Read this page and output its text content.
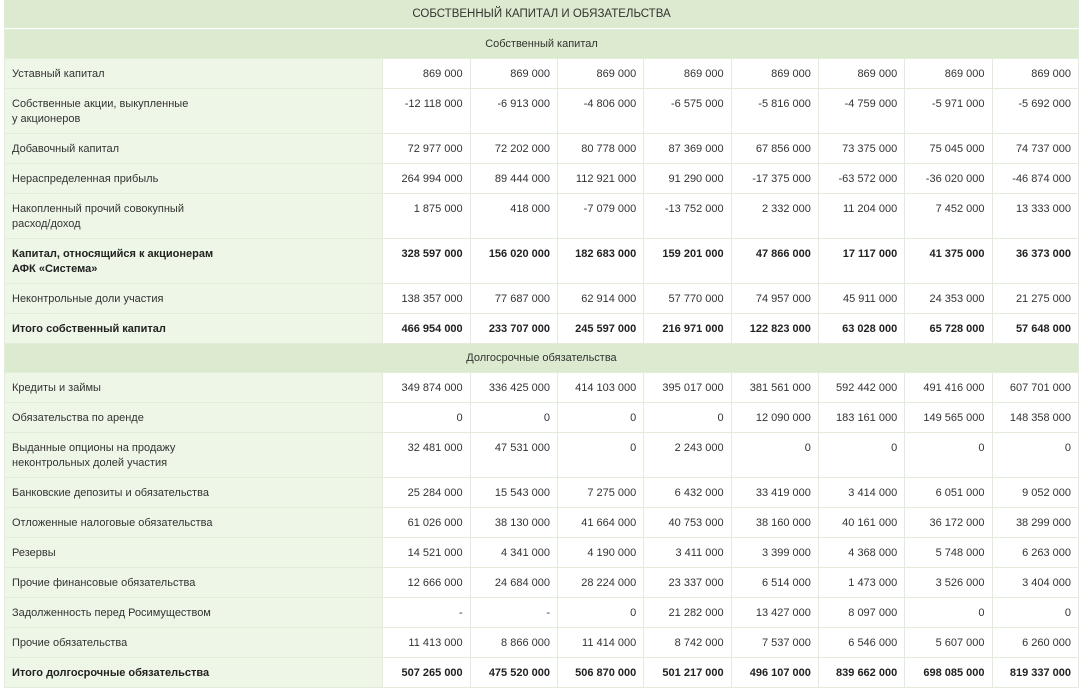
СОБСТВЕННЫЙ КАПИТАЛ И ОБЯЗАТЕЛЬСТВА
Собственный капитал								
Уставный капитал	869 000	869 000	869 000	869 000	869 000	869 000	869 000	869 000
Собственные акции, выкупленные
у акционеров	-12 118 000	-6 913 000	-4 806 000	-6 575 000	-5 816 000	-4 759 000	-5 971 000	-5 692 000
Добавочный капитал	72 977 000	72 202 000	80 778 000	87 369 000	67 856 000	73 375 000	75 045 000	74 737 000
Нераспределенная прибыль	264 994 000	89 444 000	112 921 000	91 290 000	-17 375 000	-63 572 000	-36 020 000	-46 874 000
Накопленный прочий совокупный
расход/доход	1 875 000	418 000	-7 079 000	-13 752 000	2 332 000	11 204 000	7 452 000	13 333 000
Капитал, относящийся к акционерам
АФК «Система»	328 597 000	156 020 000	182 683 000	159 201 000	47 866 000	17 117 000	41 375 000	36 373 000
Неконтрольные доли участия	138 357 000	77 687 000	62 914 000	57 770 000	74 957 000	45 911 000	24 353 000	21 275 000
Итого собственный капитал	466 954 000	233 707 000	245 597 000	216 971 000	122 823 000	63 028 000	65 728 000	57 648 000
Долгосрочные обязательства								
Кредиты и займы	349 874 000	336 425 000	414 103 000	395 017 000	381 561 000	592 442 000	491 416 000	607 701 000
Обязательства по аренде	0	0	0	0	12 090 000	183 161 000	149 565 000	148 358 000
Выданные опционы на продажу
неконтрольных долей участия	32 481 000	47 531 000	0	2 243 000	0	0	0	0
Банковские депозиты и обязательства	25 284 000	15 543 000	7 275 000	6 432 000	33 419 000	3 414 000	6 051 000	9 052 000
Отложенные налоговые обязательства	61 026 000	38 130 000	41 664 000	40 753 000	38 160 000	40 161 000	36 172 000	38 299 000
Резервы	14 521 000	4 341 000	4 190 000	3 411 000	3 399 000	4 368 000	5 748 000	6 263 000
Прочие финансовые обязательства	12 666 000	24 684 000	28 224 000	23 337 000	6 514 000	1 473 000	3 526 000	3 404 000
Задолженность перед Росимуществом	-	-	0	21 282 000	13 427 000	8 097 000	0	0
Прочие обязательства	11 413 000	8 866 000	11 414 000	8 742 000	7 537 000	6 546 000	5 607 000	6 260 000
Итого долгосрочные обязательства	507 265 000	475 520 000	506 870 000	501 217 000	496 107 000	839 662 000	698 085 000	819 337 000
